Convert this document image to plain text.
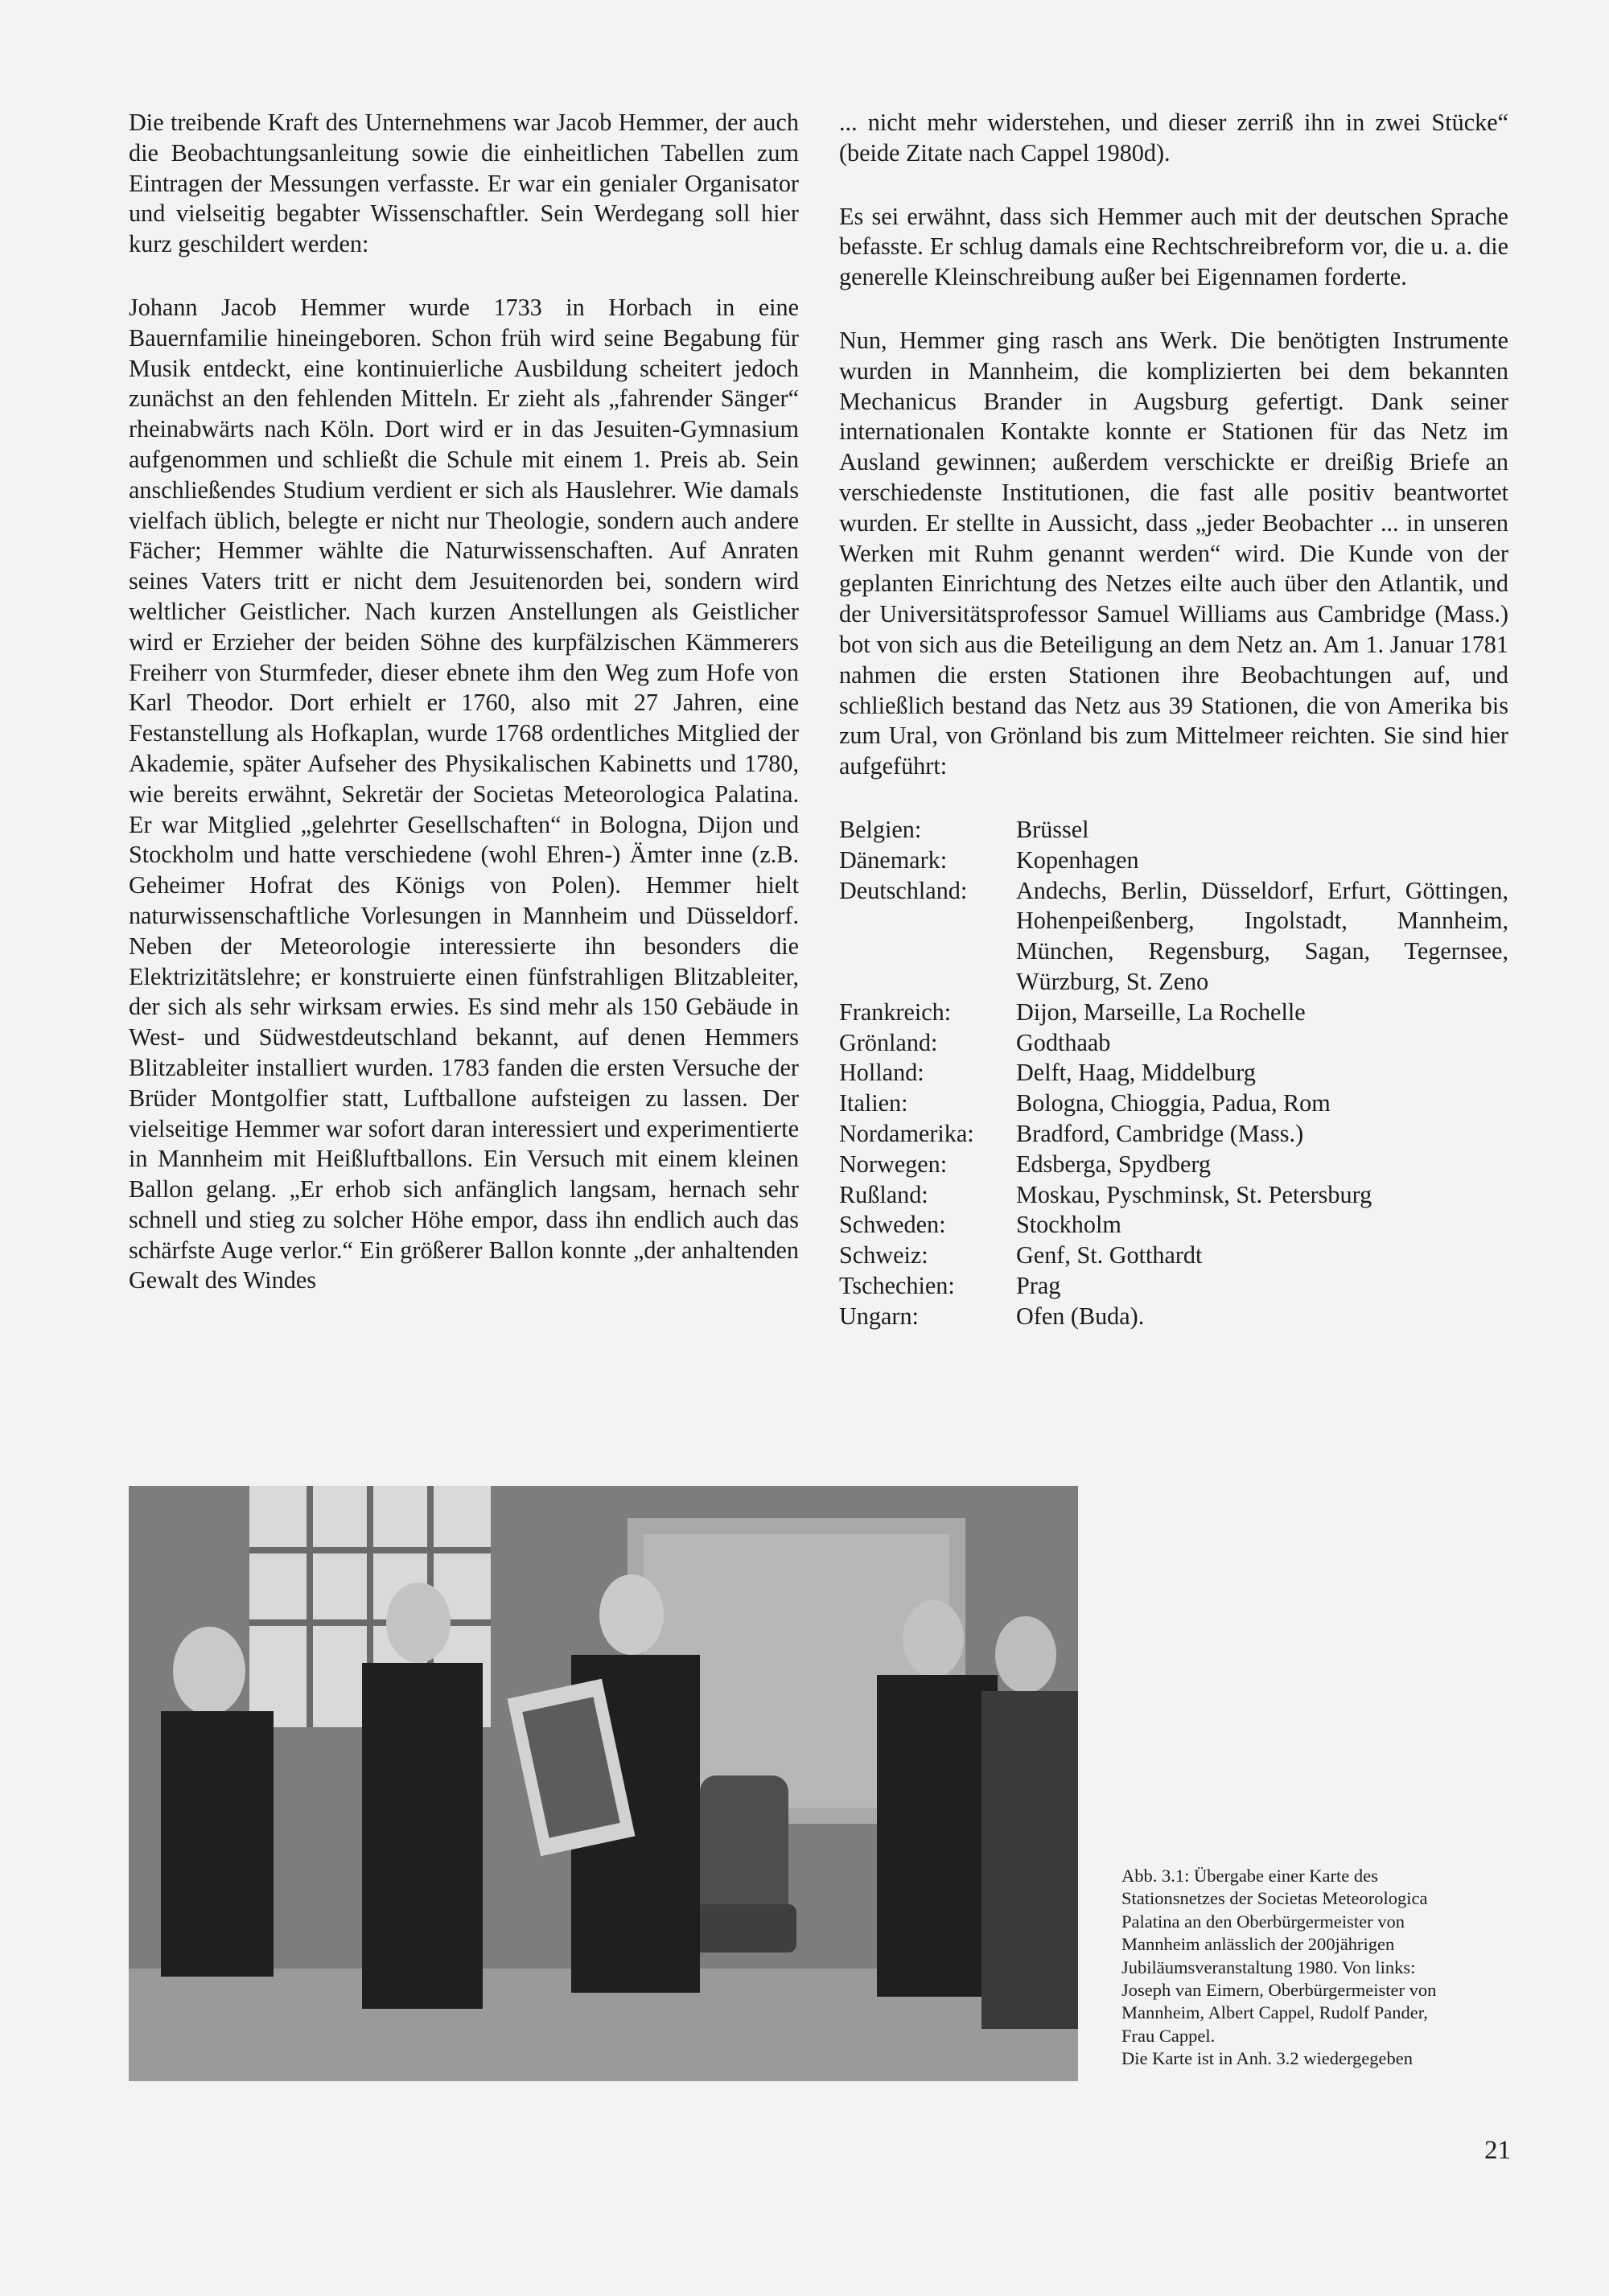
Die treibende Kraft des Unternehmens war Jacob Hemmer, der auch die Beobachtungsanleitung sowie die einheitlichen Tabellen zum Eintragen der Messungen verfasste. Er war ein genialer Organisator und vielseitig begabter Wissenschaftler. Sein Werdegang soll hier kurz geschildert werden:

Johann Jacob Hemmer wurde 1733 in Horbach in eine Bauernfamilie hineingeboren. Schon früh wird seine Begabung für Musik entdeckt, eine kontinuierliche Ausbildung scheitert jedoch zunächst an den fehlenden Mitteln. Er zieht als „fahrender Sänger“ rheinabwärts nach Köln. Dort wird er in das Jesuiten-Gymnasium aufgenommen und schließt die Schule mit einem 1. Preis ab. Sein anschließendes Studium verdient er sich als Hauslehrer. Wie damals vielfach üblich, belegte er nicht nur Theologie, sondern auch andere Fächer; Hemmer wählte die Naturwissenschaften. Auf Anraten seines Vaters tritt er nicht dem Jesuitenorden bei, sondern wird weltlicher Geistlicher. Nach kurzen Anstellungen als Geistlicher wird er Erzieher der beiden Söhne des kurpfälzischen Kämmerers Freiherr von Sturmfeder, dieser ebnete ihm den Weg zum Hofe von Karl Theodor. Dort erhielt er 1760, also mit 27 Jahren, eine Festanstellung als Hofkaplan, wurde 1768 ordentliches Mitglied der Akademie, später Aufseher des Physikalischen Kabinetts und 1780, wie bereits erwähnt, Sekretär der Societas Meteorologica Palatina. Er war Mitglied „gelehrter Gesellschaften“ in Bologna, Dijon und Stockholm und hatte verschiedene (wohl Ehren-) Ämter inne (z.B. Geheimer Hofrat des Königs von Polen). Hemmer hielt naturwissenschaftliche Vorlesungen in Mannheim und Düsseldorf. Neben der Meteorologie interessierte ihn besonders die Elektrizitätslehre; er konstruierte einen fünfstrahligen Blitzableiter, der sich als sehr wirksam erwies. Es sind mehr als 150 Gebäude in West- und Südwestdeutschland bekannt, auf denen Hemmers Blitzableiter installiert wurden. 1783 fanden die ersten Versuche der Brüder Montgolfier statt, Luftballone aufsteigen zu lassen. Der vielseitige Hemmer war sofort daran interessiert und experimentierte in Mannheim mit Heißluftballons. Ein Versuch mit einem kleinen Ballon gelang. „Er erhob sich anfänglich langsam, hernach sehr schnell und stieg zu solcher Höhe empor, dass ihn endlich auch das schärfste Auge verlor.“ Ein größerer Ballon konnte „der anhaltenden Gewalt des Windes

... nicht mehr widerstehen, und dieser zerriß ihn in zwei Stücke“ (beide Zitate nach Cappel 1980d).

Es sei erwähnt, dass sich Hemmer auch mit der deutschen Sprache befasste. Er schlug damals eine Rechtschreibreform vor, die u. a. die generelle Kleinschreibung außer bei Eigennamen forderte.

Nun, Hemmer ging rasch ans Werk. Die benötigten Instrumente wurden in Mannheim, die komplizierten bei dem bekannten Mechanicus Brander in Augsburg gefertigt. Dank seiner internationalen Kontakte konnte er Stationen für das Netz im Ausland gewinnen; außerdem verschickte er dreißig Briefe an verschiedenste Institutionen, die fast alle positiv beantwortet wurden. Er stellte in Aussicht, dass „jeder Beobachter ... in unseren Werken mit Ruhm genannt werden“ wird. Die Kunde von der geplanten Einrichtung des Netzes eilte auch über den Atlantik, und der Universitätsprofessor Samuel Williams aus Cambridge (Mass.) bot von sich aus die Beteiligung an dem Netz an. Am 1. Januar 1781 nahmen die ersten Stationen ihre Beobachtungen auf, und schließlich bestand das Netz aus 39 Stationen, die von Amerika bis zum Ural, von Grönland bis zum Mittelmeer reichten. Sie sind hier aufgeführt:

Belgien:	Brüssel
Dänemark:	Kopenhagen
Deutschland:	Andechs, Berlin, Düsseldorf, Erfurt, Göttingen, Hohenpeißenberg, Ingolstadt, Mannheim, München, Regensburg, Sagan, Tegernsee, Würzburg, St. Zeno
Frankreich:	Dijon, Marseille, La Rochelle
Grönland:	Godthaab
Holland:	Delft, Haag, Middelburg
Italien:	Bologna, Chioggia, Padua, Rom
Nordamerika:	Bradford, Cambridge (Mass.)
Norwegen:	Edsberga, Spydberg
Rußland:	Moskau, Pyschminsk, St. Petersburg
Schweden:	Stockholm
Schweiz:	Genf, St. Gotthardt
Tschechien:	Prag
Ungarn:	Ofen (Buda).

Abb. 3.1: Übergabe einer Karte des
Stationsnetzes der Societas Meteorologica
Palatina an den Oberbürgermeister von
Mannheim anlässlich der 200jährigen
Jubiläumsveranstaltung 1980. Von links:
Joseph van Eimern, Oberbürgermeister von
Mannheim, Albert Cappel, Rudolf Pander,
Frau Cappel.
Die Karte ist in Anh. 3.2 wiedergegeben

21
